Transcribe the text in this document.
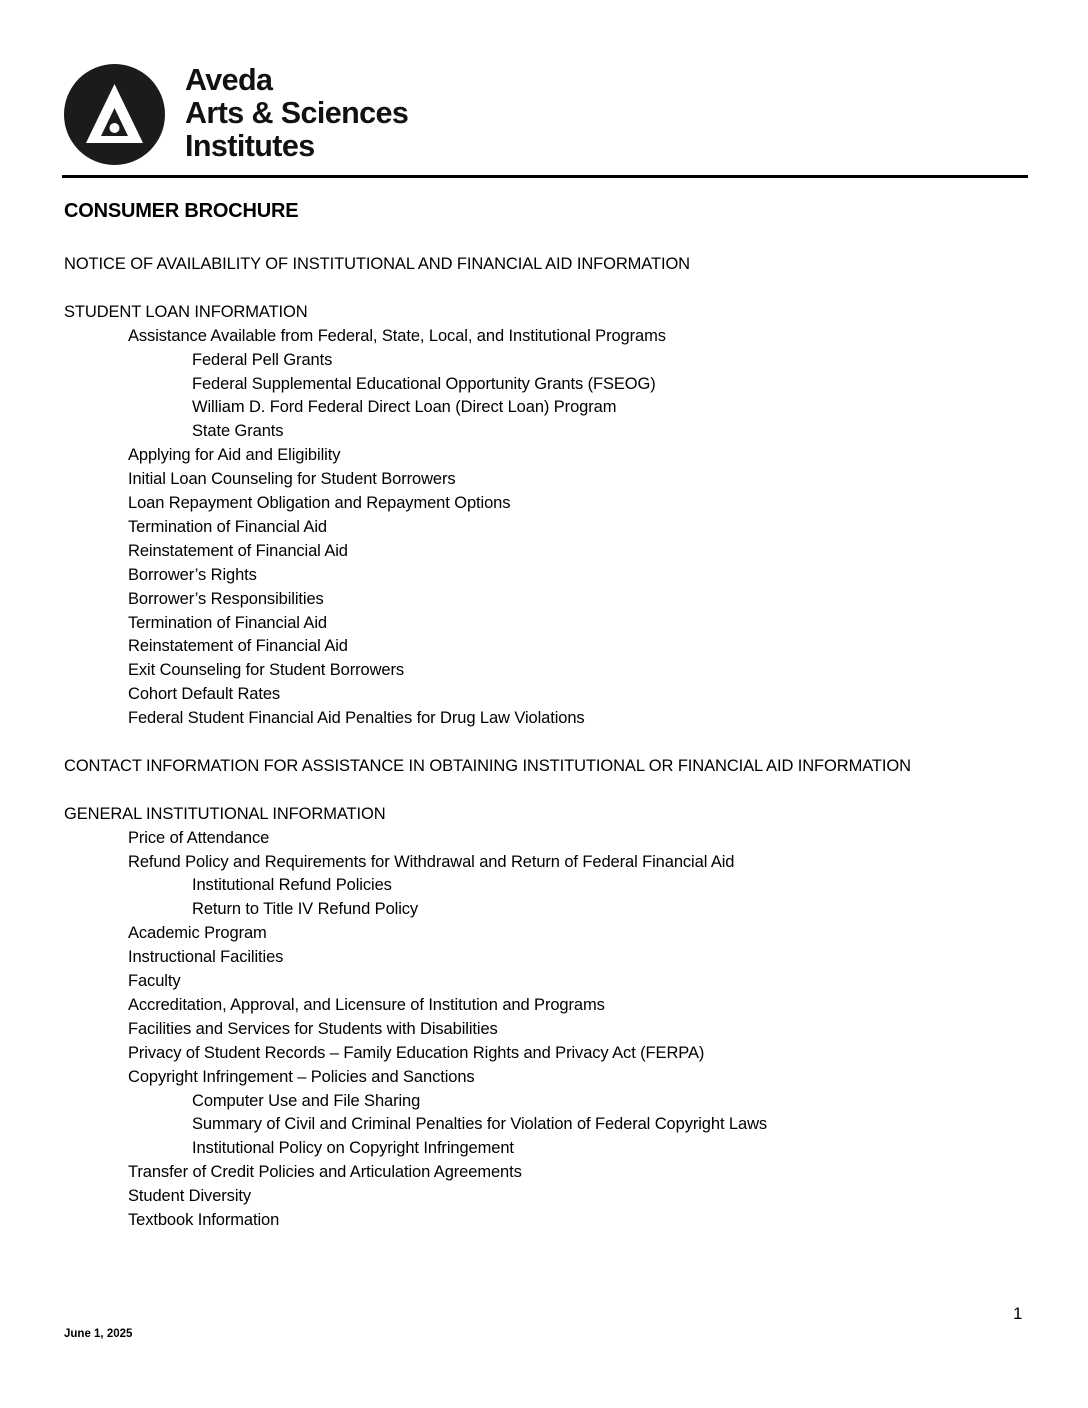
Aveda
Arts & Sciences
Institutes
CONSUMER BROCHURE
NOTICE OF AVAILABILITY OF INSTITUTIONAL AND FINANCIAL AID INFORMATION
STUDENT LOAN INFORMATION
Assistance Available from Federal, State, Local, and Institutional Programs
Federal Pell Grants
Federal Supplemental Educational Opportunity Grants (FSEOG)
William D. Ford Federal Direct Loan (Direct Loan) Program
State Grants
Applying for Aid and Eligibility
Initial Loan Counseling for Student Borrowers
Loan Repayment Obligation and Repayment Options
Termination of Financial Aid
Reinstatement of Financial Aid
Borrower’s Rights
Borrower’s Responsibilities
Termination of Financial Aid
Reinstatement of Financial Aid
Exit Counseling for Student Borrowers
Cohort Default Rates
Federal Student Financial Aid Penalties for Drug Law Violations
CONTACT INFORMATION FOR ASSISTANCE IN OBTAINING INSTITUTIONAL OR FINANCIAL AID INFORMATION
GENERAL INSTITUTIONAL INFORMATION
Price of Attendance
Refund Policy and Requirements for Withdrawal and Return of Federal Financial Aid
Institutional Refund Policies
Return to Title IV Refund Policy
Academic Program
Instructional Facilities
Faculty
Accreditation, Approval, and Licensure of Institution and Programs
Facilities and Services for Students with Disabilities
Privacy of Student Records – Family Education Rights and Privacy Act (FERPA)
Copyright Infringement – Policies and Sanctions
Computer Use and File Sharing
Summary of Civil and Criminal Penalties for Violation of Federal Copyright Laws
Institutional Policy on Copyright Infringement
Transfer of Credit Policies and Articulation Agreements
Student Diversity
Textbook Information
1
June 1, 2025
